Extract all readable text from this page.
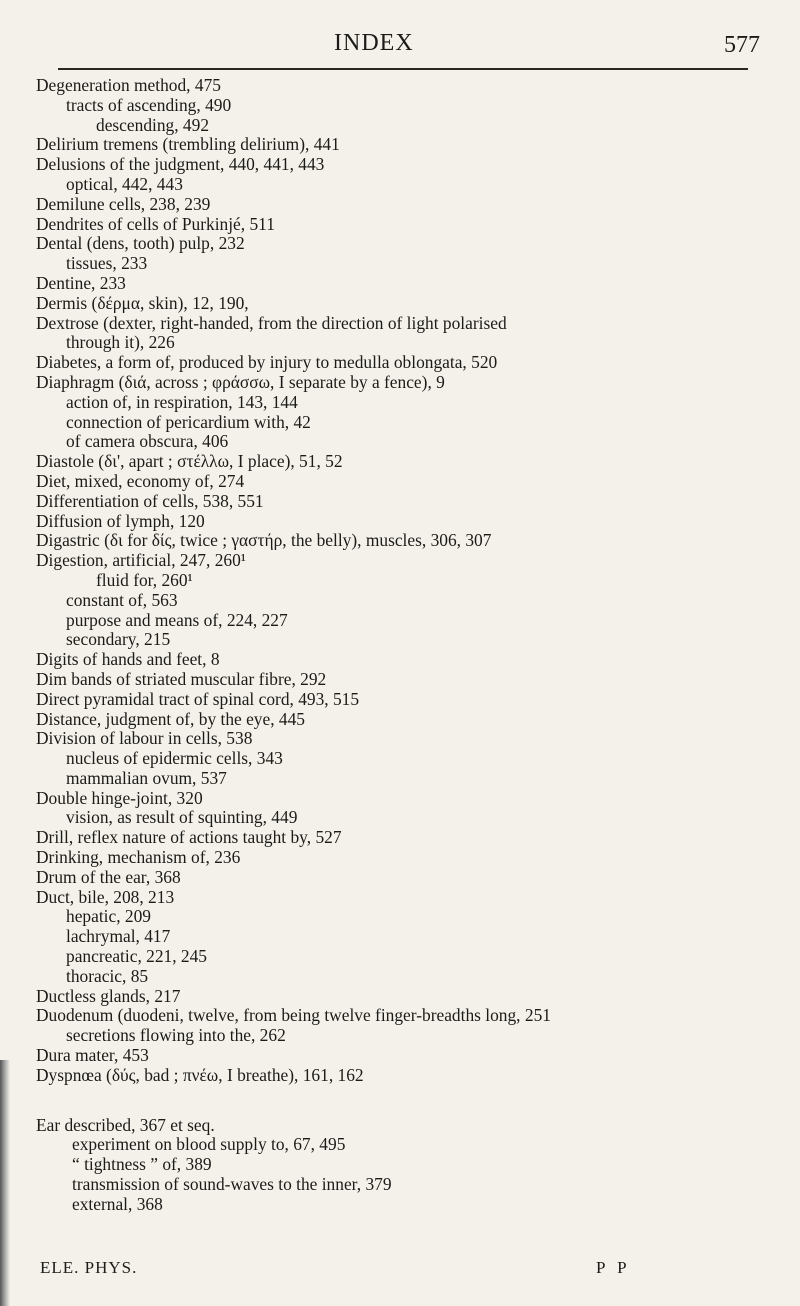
INDEX	577
Degeneration method, 475
tracts of ascending, 490
descending, 492
Delirium tremens (trembling delirium), 441
Delusions of the judgment, 440, 441, 443
optical, 442, 443
Demilune cells, 238, 239
Dendrites of cells of Purkinjé, 511
Dental (dens, tooth) pulp, 232
tissues, 233
Dentine, 233
Dermis (δέρμα, skin), 12, 190,
Dextrose (dexter, right-handed, from the direction of light polarised
through it), 226
Diabetes, a form of, produced by injury to medulla oblongata, 520
Diaphragm (διά, across ; φράσσω, I separate by a fence), 9
action of, in respiration, 143, 144
connection of pericardium with, 42
of camera obscura, 406
Diastole (δι', apart ; στέλλω, I place), 51, 52
Diet, mixed, economy of, 274
Differentiation of cells, 538, 551
Diffusion of lymph, 120
Digastric (δι for δίς, twice ; γαστήρ, the belly), muscles, 306, 307
Digestion, artificial, 247, 260¹
fluid for, 260¹
constant of, 563
purpose and means of, 224, 227
secondary, 215
Digits of hands and feet, 8
Dim bands of striated muscular fibre, 292
Direct pyramidal tract of spinal cord, 493, 515
Distance, judgment of, by the eye, 445
Division of labour in cells, 538
nucleus of epidermic cells, 343
mammalian ovum, 537
Double hinge-joint, 320
vision, as result of squinting, 449
Drill, reflex nature of actions taught by, 527
Drinking, mechanism of, 236
Drum of the ear, 368
Duct, bile, 208, 213
hepatic, 209
lachrymal, 417
pancreatic, 221, 245
thoracic, 85
Ductless glands, 217
Duodenum (duodeni, twelve, from being twelve finger-breadths long, 251
secretions flowing into the, 262
Dura mater, 453
Dyspnœa (δύς, bad ; πνέω, I breathe), 161, 162
Ear described, 367 et seq.
experiment on blood supply to, 67, 495
“ tightness ” of, 389
transmission of sound-waves to the inner, 379
external, 368
ELE. PHYS.	P P
